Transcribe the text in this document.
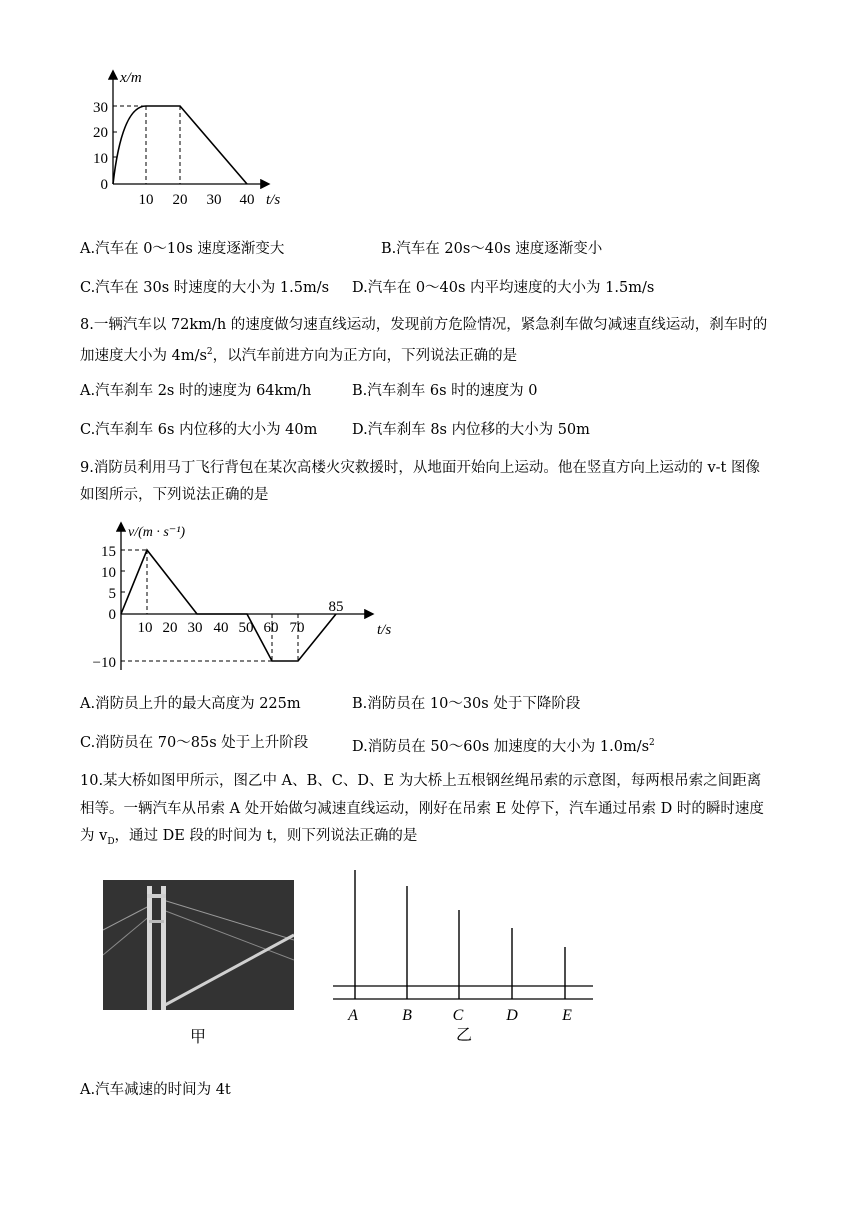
x/m
30
20
10
0
10 20 30 40 t/s
A.汽车在 0～10s 速度逐渐变大	B.汽车在 20s～40s 速度逐渐变小
C.汽车在 30s 时速度的大小为 1.5m/s D.汽车在 0～40s 内平均速度的大小为 1.5m/s
8.一辆汽车以 72km/h 的速度做匀速直线运动，发现前方危险情况，紧急刹车做匀减速直线运动，刹车时的
加速度大小为 $4m/s^2$，以汽车前进方向为正方向，下列说法正确的是
A.汽车刹车 2s 时的速度为 64km/h	B.汽车刹车 6s 时的速度为 0
C.汽车刹车 6s 内位移的大小为 40m D.汽车刹车 8s 内位移的大小为 50m
9.消防员利用马丁飞行背包在某次高楼火灾救援时，从地面开始向上运动。他在竖直方向上运动的 v-t 图像
如图所示，下列说法正确的是
v/(m · s⁻¹)
15
10
5
0
−10
10 20 30 40 50 60 70
85
t/s
A.消防员上升的最大高度为 225m	B.消防员在 10～30s 处于下降阶段
C.消防员在 70～85s 处于上升阶段	D.消防员在 50～60s 加速度的大小为 $1.0m/s^2$
10.某大桥如图甲所示，图乙中 A、B、C、D、E 为大桥上五根钢丝绳吊索的示意图，每两根吊索之间距离
相等。一辆汽车从吊索 A 处开始做匀减速直线运动，刚好在吊索 E 处停下，汽车通过吊索 D 时的瞬时速度
为 $v_D$，通过 DE 段的时间为 t，则下列说法正确的是
甲
A	B	C	D	E
乙
A.汽车减速的时间为 4t
